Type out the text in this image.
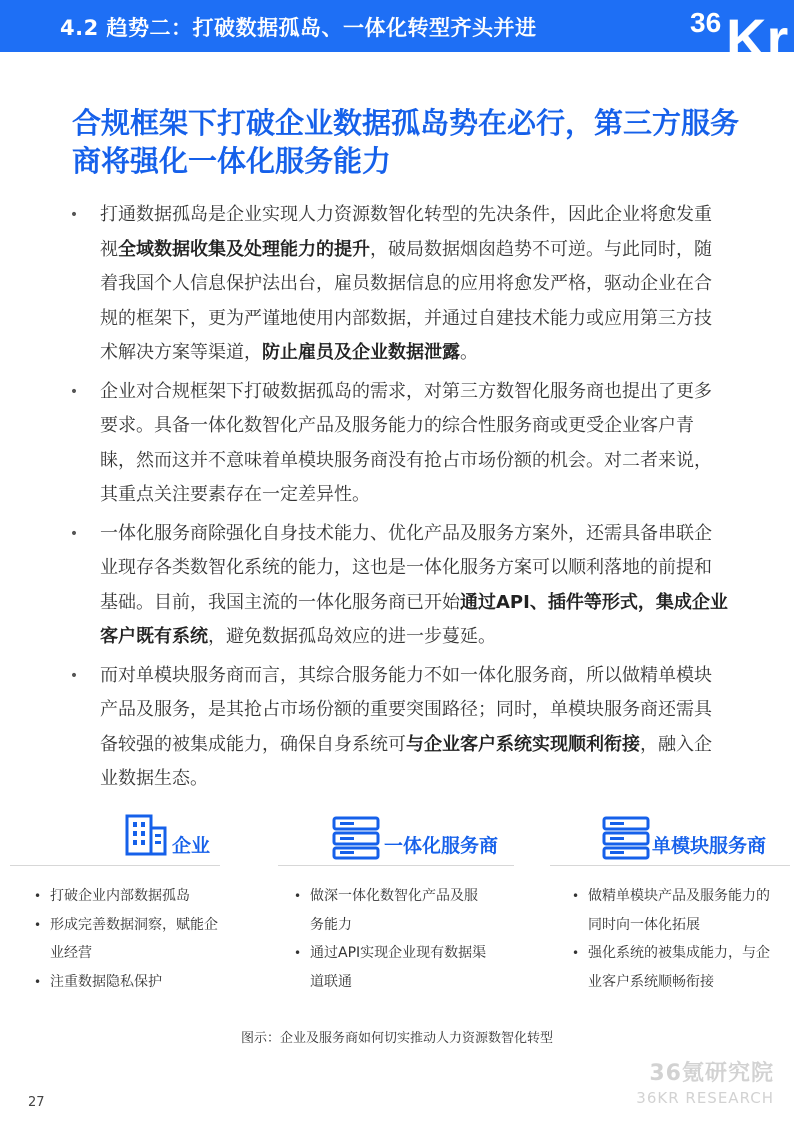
4.2 趋势二：打破数据孤岛、一体化转型齐头并进	36 Kr
合规框架下打破企业数据孤岛势在必行，第三方服务商将强化一体化服务能力
• 打通数据孤岛是企业实现人力资源数智化转型的先决条件，因此企业将愈发重视全域数据收集及处理能力的提升，破局数据烟囱趋势不可逆。与此同时，随着我国个人信息保护法出台，雇员数据信息的应用将愈发严格，驱动企业在合规的框架下，更为严谨地使用内部数据，并通过自建技术能力或应用第三方技术解决方案等渠道，防止雇员及企业数据泄露。
• 企业对合规框架下打破数据孤岛的需求，对第三方数智化服务商也提出了更多要求。具备一体化数智化产品及服务能力的综合性服务商或更受企业客户青睐，然而这并不意味着单模块服务商没有抢占市场份额的机会。对二者来说，其重点关注要素存在一定差异性。
• 一体化服务商除强化自身技术能力、优化产品及服务方案外，还需具备串联企业现存各类数智化系统的能力，这也是一体化服务方案可以顺利落地的前提和基础。目前，我国主流的一体化服务商已开始通过API、插件等形式，集成企业客户既有系统，避免数据孤岛效应的进一步蔓延。
• 而对单模块服务商而言，其综合服务能力不如一体化服务商，所以做精单模块产品及服务，是其抢占市场份额的重要突围路径；同时，单模块服务商还需具备较强的被集成能力，确保自身系统可与企业客户系统实现顺利衔接，融入企业数据生态。
企业
• 打破企业内部数据孤岛
• 形成完善数据洞察，赋能企业经营
• 注重数据隐私保护
一体化服务商
• 做深一体化数智化产品及服务能力
• 通过API实现企业现有数据渠道联通
单模块服务商
• 做精单模块产品及服务能力的同时向一体化拓展
• 强化系统的被集成能力，与企业客户系统顺畅衔接
图示：企业及服务商如何切实推动人力资源数智化转型
27
36氪研究院
36KR RESEARCH
